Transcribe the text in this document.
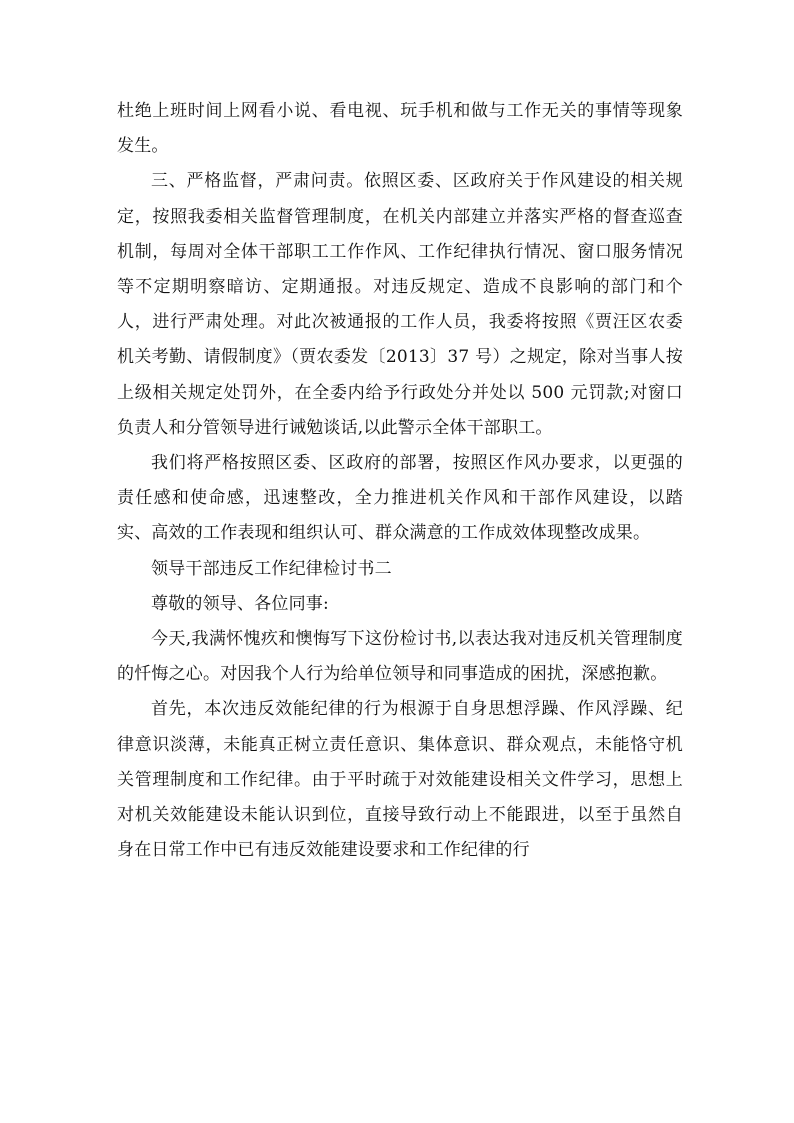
杜绝上班时间上网看小说、看电视、玩手机和做与工作无关的事情等现象发生。

三、严格监督，严肃问责。依照区委、区政府关于作风建设的相关规定，按照我委相关监督管理制度，在机关内部建立并落实严格的督查巡查机制，每周对全体干部职工工作作风、工作纪律执行情况、窗口服务情况等不定期明察暗访、定期通报。对违反规定、造成不良影响的部门和个人，进行严肃处理。对此次被通报的工作人员，我委将按照《贾汪区农委机关考勤、请假制度》（贾农委发〔2013〕37 号）之规定，除对当事人按上级相关规定处罚外，在全委内给予行政处分并处以 500 元罚款;对窗口负责人和分管领导进行诫勉谈话,以此警示全体干部职工。

我们将严格按照区委、区政府的部署，按照区作风办要求，以更强的责任感和使命感，迅速整改，全力推进机关作风和干部作风建设，以踏实、高效的工作表现和组织认可、群众满意的工作成效体现整改成果。

领导干部违反工作纪律检讨书二

尊敬的领导、各位同事:

今天,我满怀愧疚和懊悔写下这份检讨书,以表达我对违反机关管理制度的忏悔之心。对因我个人行为给单位领导和同事造成的困扰，深感抱歉。

首先，本次违反效能纪律的行为根源于自身思想浮躁、作风浮躁、纪律意识淡薄，未能真正树立责任意识、集体意识、群众观点，未能恪守机关管理制度和工作纪律。由于平时疏于对效能建设相关文件学习，思想上对机关效能建设未能认识到位，直接导致行动上不能跟进，以至于虽然自身在日常工作中已有违反效能建设要求和工作纪律的行
